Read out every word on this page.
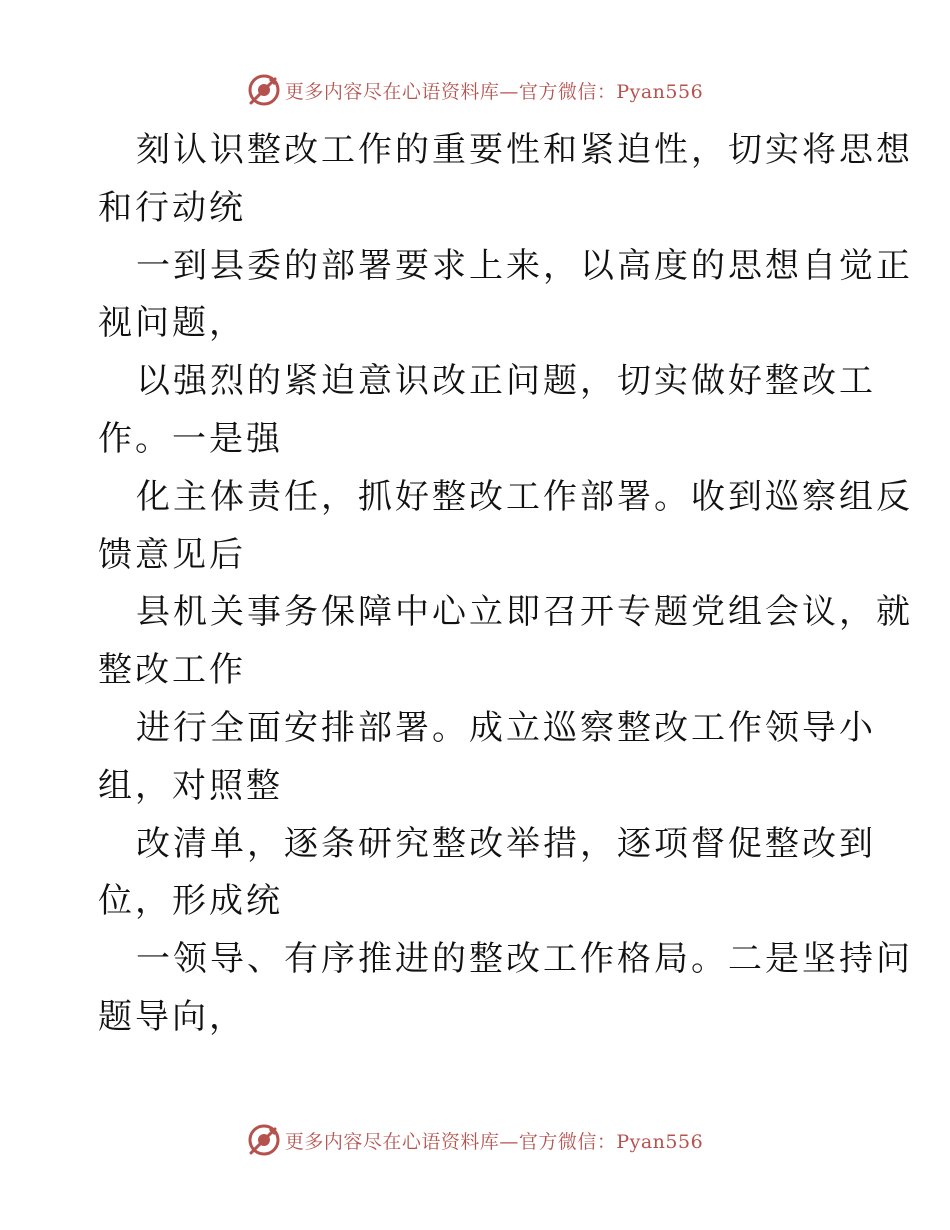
更多内容尽在心语资料库—官方微信：Pyan556
刻认识整改工作的重要性和紧迫性，切实将思想
和行动统
一到县委的部署要求上来，以高度的思想自觉正
视问题，
以强烈的紧迫意识改正问题，切实做好整改工
作。一是强
化主体责任，抓好整改工作部署。收到巡察组反
馈意见后
县机关事务保障中心立即召开专题党组会议，就
整改工作
进行全面安排部署。成立巡察整改工作领导小
组，对照整
改清单，逐条研究整改举措，逐项督促整改到
位，形成统
一领导、有序推进的整改工作格局。二是坚持问
题导向，
更多内容尽在心语资料库—官方微信：Pyan556
